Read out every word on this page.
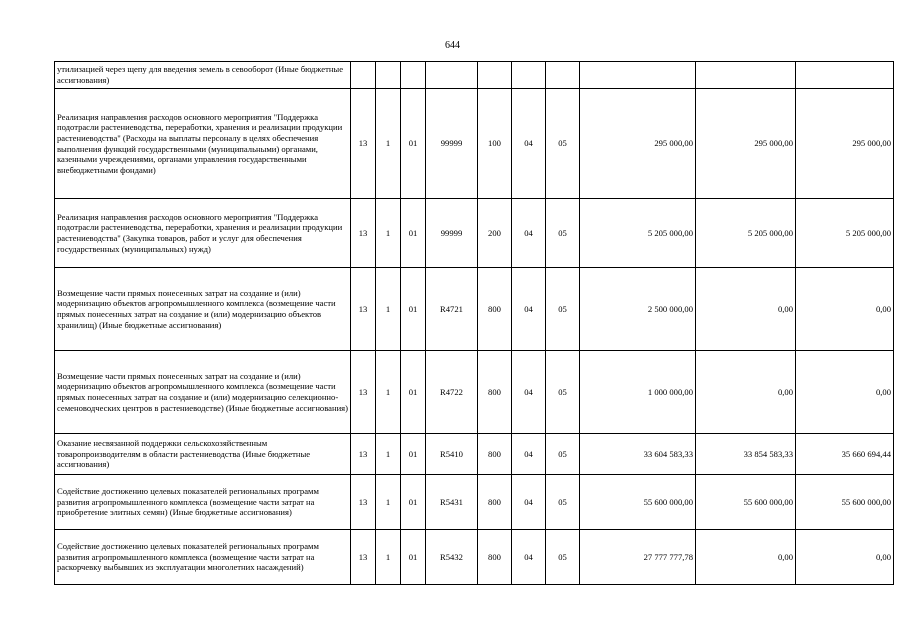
644
утилизацией через щепу для введения земель в севооборот (Иные бюджетные ассигнования)										
Реализация направления расходов основного мероприятия "Поддержка подотрасли растениеводства, переработки, хранения и реализации продукции растениеводства" (Расходы на выплаты персоналу в целях обеспечения выполнения функций государственными (муниципальными) органами, казенными учреждениями, органами управления государственными внебюджетными фондами)	13	1	01	99999	100	04	05	295 000,00	295 000,00	295 000,00
Реализация направления расходов основного мероприятия "Поддержка подотрасли растениеводства, переработки, хранения и реализации продукции растениеводства" (Закупка товаров, работ и услуг для обеспечения государственных (муниципальных) нужд)	13	1	01	99999	200	04	05	5 205 000,00	5 205 000,00	5 205 000,00
Возмещение части прямых понесенных затрат на создание и (или) модернизацию объектов агропромышленного комплекса (возмещение части прямых понесенных затрат на создание и (или) модернизацию объектов хранилищ) (Иные бюджетные ассигнования)	13	1	01	R4721	800	04	05	2 500 000,00	0,00	0,00
Возмещение части прямых понесенных затрат на создание и (или) модернизацию объектов агропромышленного комплекса (возмещение части прямых понесенных затрат на создание и (или) модернизацию селекционно-семеноводческих центров в растениеводстве) (Иные бюджетные ассигнования)	13	1	01	R4722	800	04	05	1 000 000,00	0,00	0,00
Оказание несвязанной поддержки сельскохозяйственным товаропроизводителям в области растениеводства (Иные бюджетные ассигнования)	13	1	01	R5410	800	04	05	33 604 583,33	33 854 583,33	35 660 694,44
Содействие достижению целевых показателей региональных программ развития агропромышленного комплекса (возмещение части затрат на приобретение элитных семян) (Иные бюджетные ассигнования)	13	1	01	R5431	800	04	05	55 600 000,00	55 600 000,00	55 600 000,00
Содействие достижению целевых показателей региональных программ развития агропромышленного комплекса (возмещение части затрат на раскорчевку выбывших из эксплуатации многолетних насаждений)	13	1	01	R5432	800	04	05	27 777 777,78	0,00	0,00
